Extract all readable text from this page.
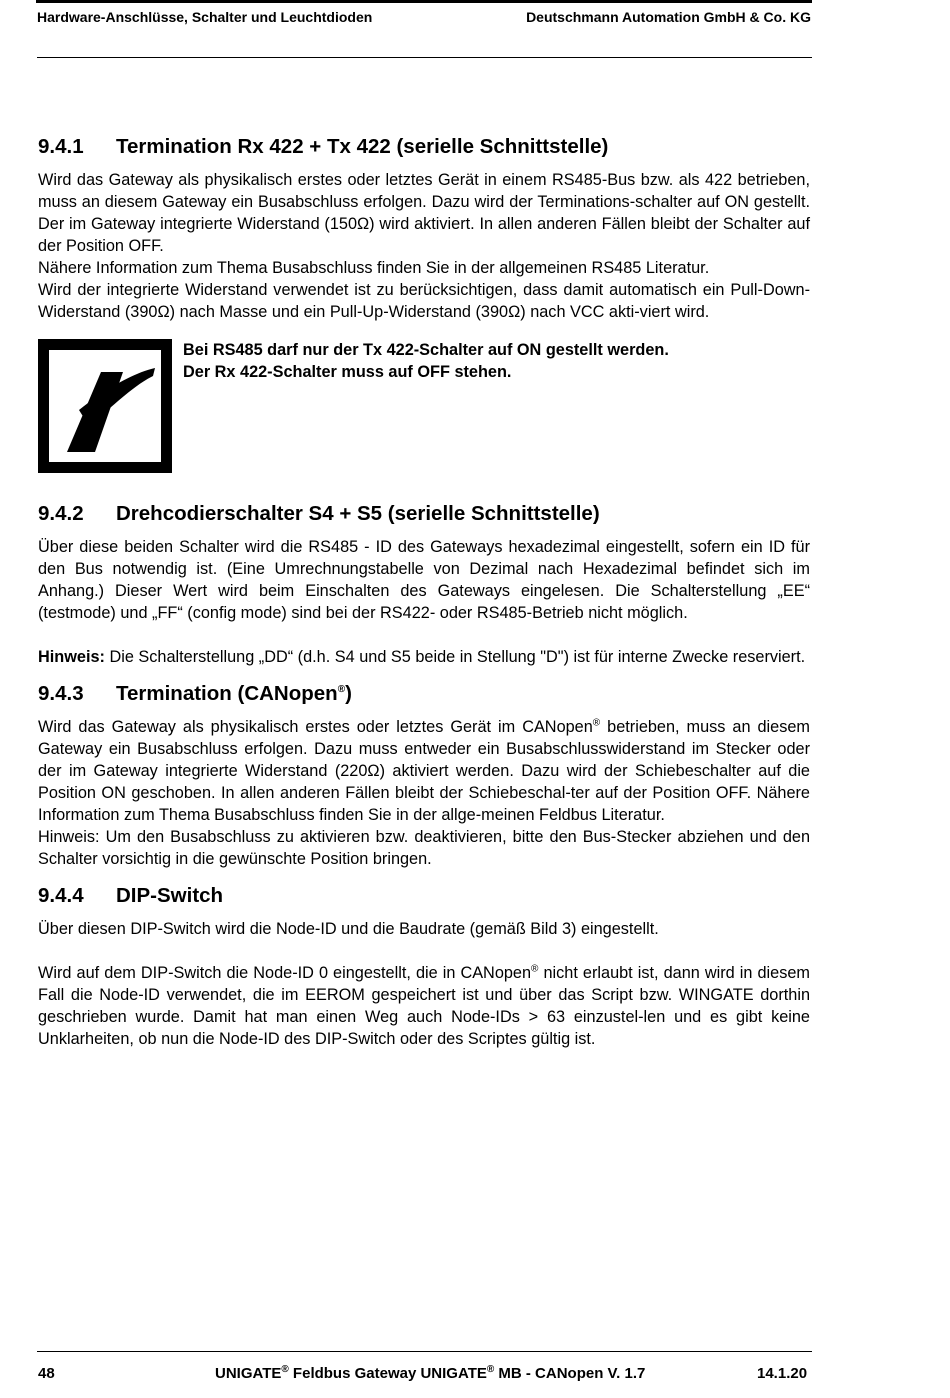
Hardware-Anschlüsse, Schalter und Leuchtdioden	Deutschmann Automation GmbH & Co. KG
9.4.1 Termination Rx 422 + Tx 422 (serielle Schnittstelle)

Wird das Gateway als physikalisch erstes oder letztes Gerät in einem RS485-Bus bzw. als 422 betrieben, muss an diesem Gateway ein Busabschluss erfolgen. Dazu wird der Terminations-schalter auf ON gestellt. Der im Gateway integrierte Widerstand (150Ω) wird aktiviert. In allen anderen Fällen bleibt der Schalter auf der Position OFF.

Nähere Information zum Thema Busabschluss finden Sie in der allgemeinen RS485 Literatur.

Wird der integrierte Widerstand verwendet ist zu berücksichtigen, dass damit automatisch ein Pull-Down-Widerstand (390Ω) nach Masse und ein Pull-Up-Widerstand (390Ω) nach VCC akti-viert wird.

Bei RS485 darf nur der Tx 422-Schalter auf ON gestellt werden.
Der Rx 422-Schalter muss auf OFF stehen.
9.4.2 Drehcodierschalter S4 + S5 (serielle Schnittstelle)

Über diese beiden Schalter wird die RS485 - ID des Gateways hexadezimal eingestellt, sofern ein ID für den Bus notwendig ist. (Eine Umrechnungstabelle von Dezimal nach Hexadezimal befindet sich im Anhang.) Dieser Wert wird beim Einschalten des Gateways eingelesen. Die Schalterstellung „EE“ (testmode) und „FF“ (config mode) sind bei der RS422- oder RS485-Betrieb nicht möglich.

Hinweis: Die Schalterstellung „DD“ (d.h. S4 und S5 beide in Stellung "D") ist für interne Zwecke reserviert.

9.4.3 Termination (CANopen®)

Wird das Gateway als physikalisch erstes oder letztes Gerät im CANopen® betrieben, muss an diesem Gateway ein Busabschluss erfolgen. Dazu muss entweder ein Busabschlusswiderstand im Stecker oder der im Gateway integrierte Widerstand (220Ω) aktiviert werden. Dazu wird der Schiebeschalter auf die Position ON geschoben. In allen anderen Fällen bleibt der Schiebeschal-ter auf der Position OFF. Nähere Information zum Thema Busabschluss finden Sie in der allge-meinen Feldbus Literatur.

Hinweis: Um den Busabschluss zu aktivieren bzw. deaktivieren, bitte den Bus-Stecker abziehen und den Schalter vorsichtig in die gewünschte Position bringen.

9.4.4 DIP-Switch

Über diesen DIP-Switch wird die Node-ID und die Baudrate (gemäß Bild 3) eingestellt.

Wird auf dem DIP-Switch die Node-ID 0 eingestellt, die in CANopen® nicht erlaubt ist, dann wird in diesem Fall die Node-ID verwendet, die im EEROM gespeichert ist und über das Script bzw. WINGATE dorthin geschrieben wurde. Damit hat man einen Weg auch Node-IDs > 63 einzustel-len und es gibt keine Unklarheiten, ob nun die Node-ID des DIP-Switch oder des Scriptes gültig ist.

48	UNIGATE® Feldbus Gateway UNIGATE® MB - CANopen V. 1.7	14.1.20
